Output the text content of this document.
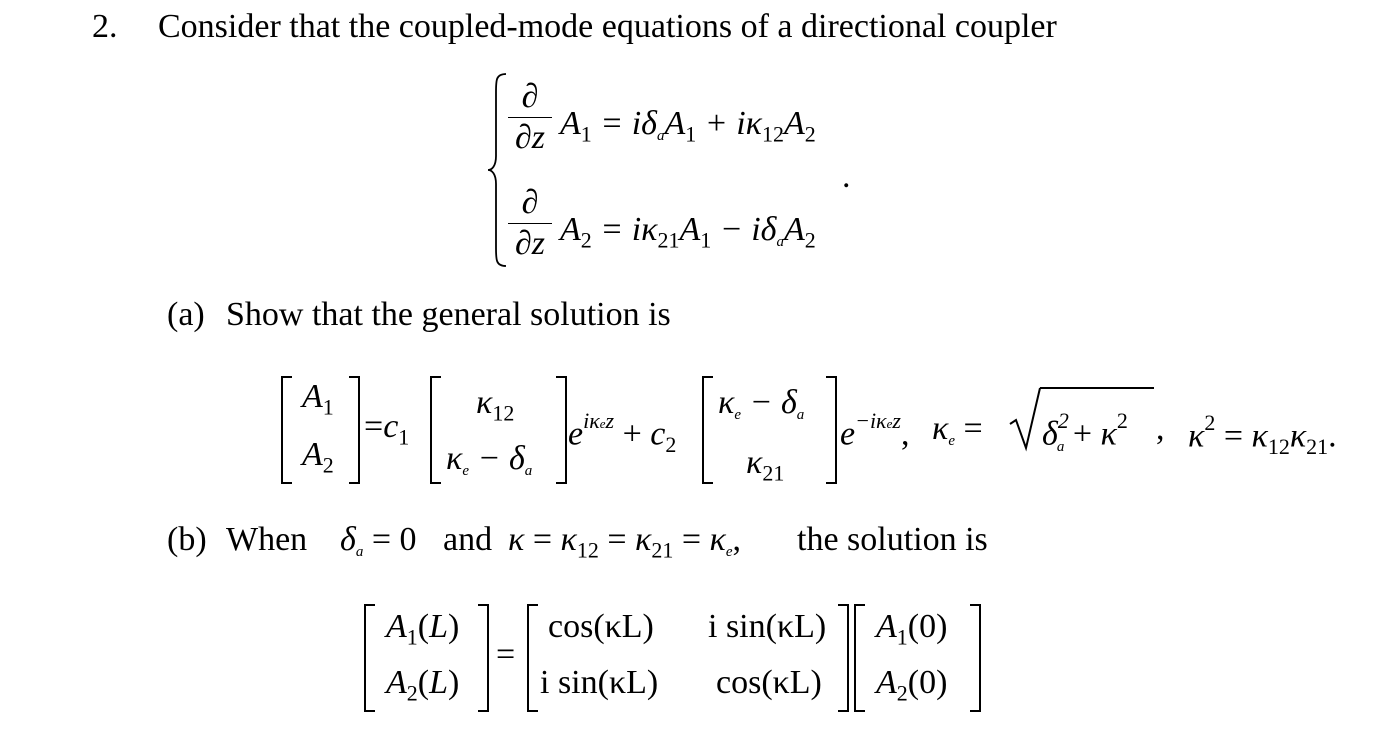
2. Consider that the coupled-mode equations of a directional coupler
∂
∂z $A_1 = i\delta aA_1 + i\kappa_{12}A_2$
∂
∂z $A_2 = i\kappa_{21}A_1 - i\delta aA_2$
.
(a) Show that the general solution is
$A_1$
$A_2$
$=c_1$
$\kappa_{12}$
κe − δa
$e^{i\kappa ez} + c_2$
κe − δa
$\kappa_{21}$
$e^{-i\kappa ez}$, $\kappa e = \delta^2a + \kappa^2$ , $\kappa^2 = \kappa_{12}\kappa_{21}$.
(b) When δa = 0 and $\kappa = \kappa_{12} = \kappa_{21} = \kappa e$, the solution is
$A_1(L)$
$A_2(L)$
=
cos(κL) i sin(κL)
i sin(κL) cos(κL)
$A_1(0)$
$A_2(0)$
